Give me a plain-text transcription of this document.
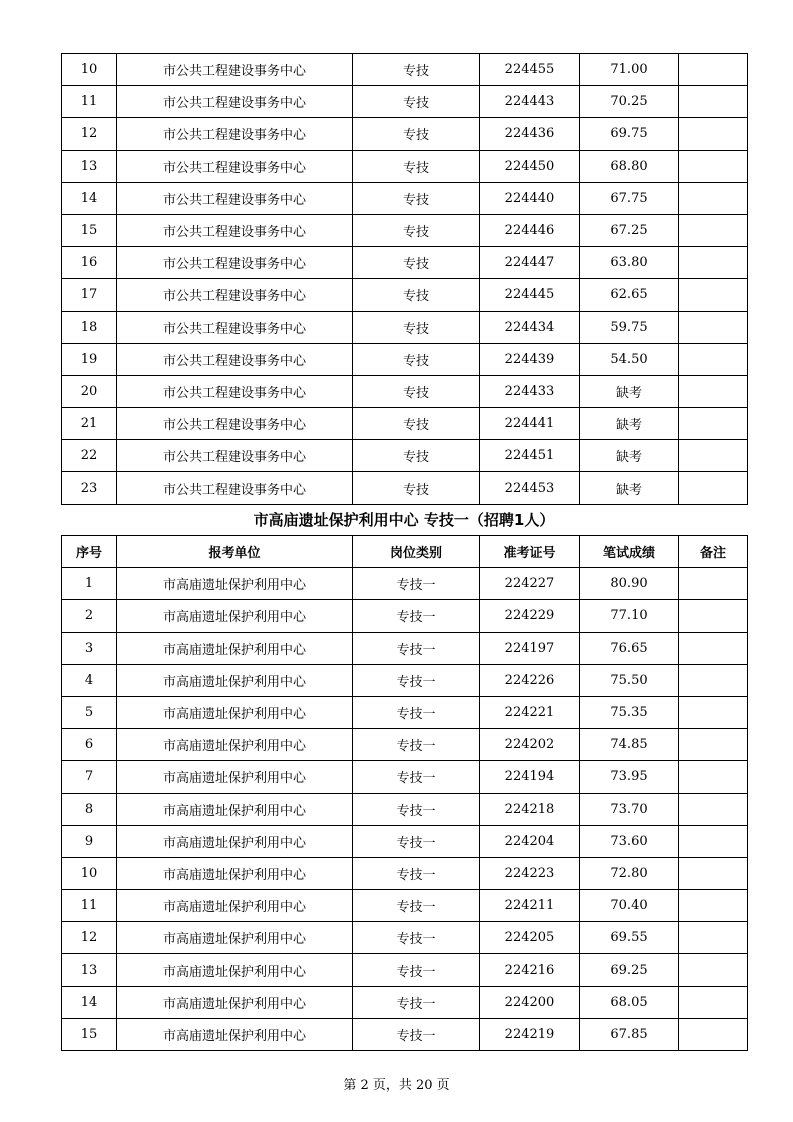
10	市公共工程建设事务中心	专技	224455	71.00	
11	市公共工程建设事务中心	专技	224443	70.25	
12	市公共工程建设事务中心	专技	224436	69.75	
13	市公共工程建设事务中心	专技	224450	68.80	
14	市公共工程建设事务中心	专技	224440	67.75	
15	市公共工程建设事务中心	专技	224446	67.25	
16	市公共工程建设事务中心	专技	224447	63.80	
17	市公共工程建设事务中心	专技	224445	62.65	
18	市公共工程建设事务中心	专技	224434	59.75	
19	市公共工程建设事务中心	专技	224439	54.50	
20	市公共工程建设事务中心	专技	224433	缺考	
21	市公共工程建设事务中心	专技	224441	缺考	
22	市公共工程建设事务中心	专技	224451	缺考	
23	市公共工程建设事务中心	专技	224453	缺考	
市高庙遗址保护利用中心 专技一（招聘1人）
序号	报考单位	岗位类别	准考证号	笔试成绩	备注
1	市高庙遗址保护利用中心	专技一	224227	80.90	
2	市高庙遗址保护利用中心	专技一	224229	77.10	
3	市高庙遗址保护利用中心	专技一	224197	76.65	
4	市高庙遗址保护利用中心	专技一	224226	75.50	
5	市高庙遗址保护利用中心	专技一	224221	75.35	
6	市高庙遗址保护利用中心	专技一	224202	74.85	
7	市高庙遗址保护利用中心	专技一	224194	73.95	
8	市高庙遗址保护利用中心	专技一	224218	73.70	
9	市高庙遗址保护利用中心	专技一	224204	73.60	
10	市高庙遗址保护利用中心	专技一	224223	72.80	
11	市高庙遗址保护利用中心	专技一	224211	70.40	
12	市高庙遗址保护利用中心	专技一	224205	69.55	
13	市高庙遗址保护利用中心	专技一	224216	69.25	
14	市高庙遗址保护利用中心	专技一	224200	68.05	
15	市高庙遗址保护利用中心	专技一	224219	67.85	
第 2 页，共 20 页
